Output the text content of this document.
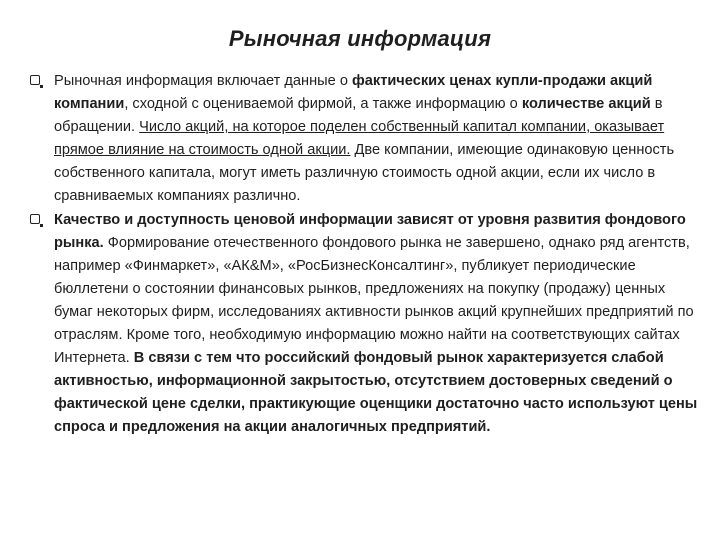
Рыночная информация

Рыночная информация включает данные о фактических ценах купли-продажи акций компании, сходной с оцениваемой фирмой, а также информацию о количестве акций в обращении. Число акций, на которое поделен собственный капитал компании, оказывает прямое влияние на стоимость одной акции. Две компании, имеющие одинаковую ценность собственного капитала, могут иметь различную стоимость одной акции, если их число в сравниваемых компаниях различно.

Качество и доступность ценовой информации зависят от уровня развития фондового рынка. Формирование отечественного фондового рынка не завершено, однако ряд агентств, например «Финмаркет», «АК&М», «РосБизнесКонсалтинг», публикует периодические бюллетени о состоянии финансовых рынков, предложениях на покупку (продажу) ценных бумаг некоторых фирм, исследованиях активности рынков акций крупнейших предприятий по отраслям. Кроме того, необходимую информацию можно найти на соответствующих сайтах Интернета. В связи с тем что российский фондовый рынок характеризуется слабой активностью, информационной закрытостью, отсутствием достоверных сведений о фактической цене сделки, практикующие оценщики достаточно часто используют цены спроса и предложения на акции аналогичных предприятий.
